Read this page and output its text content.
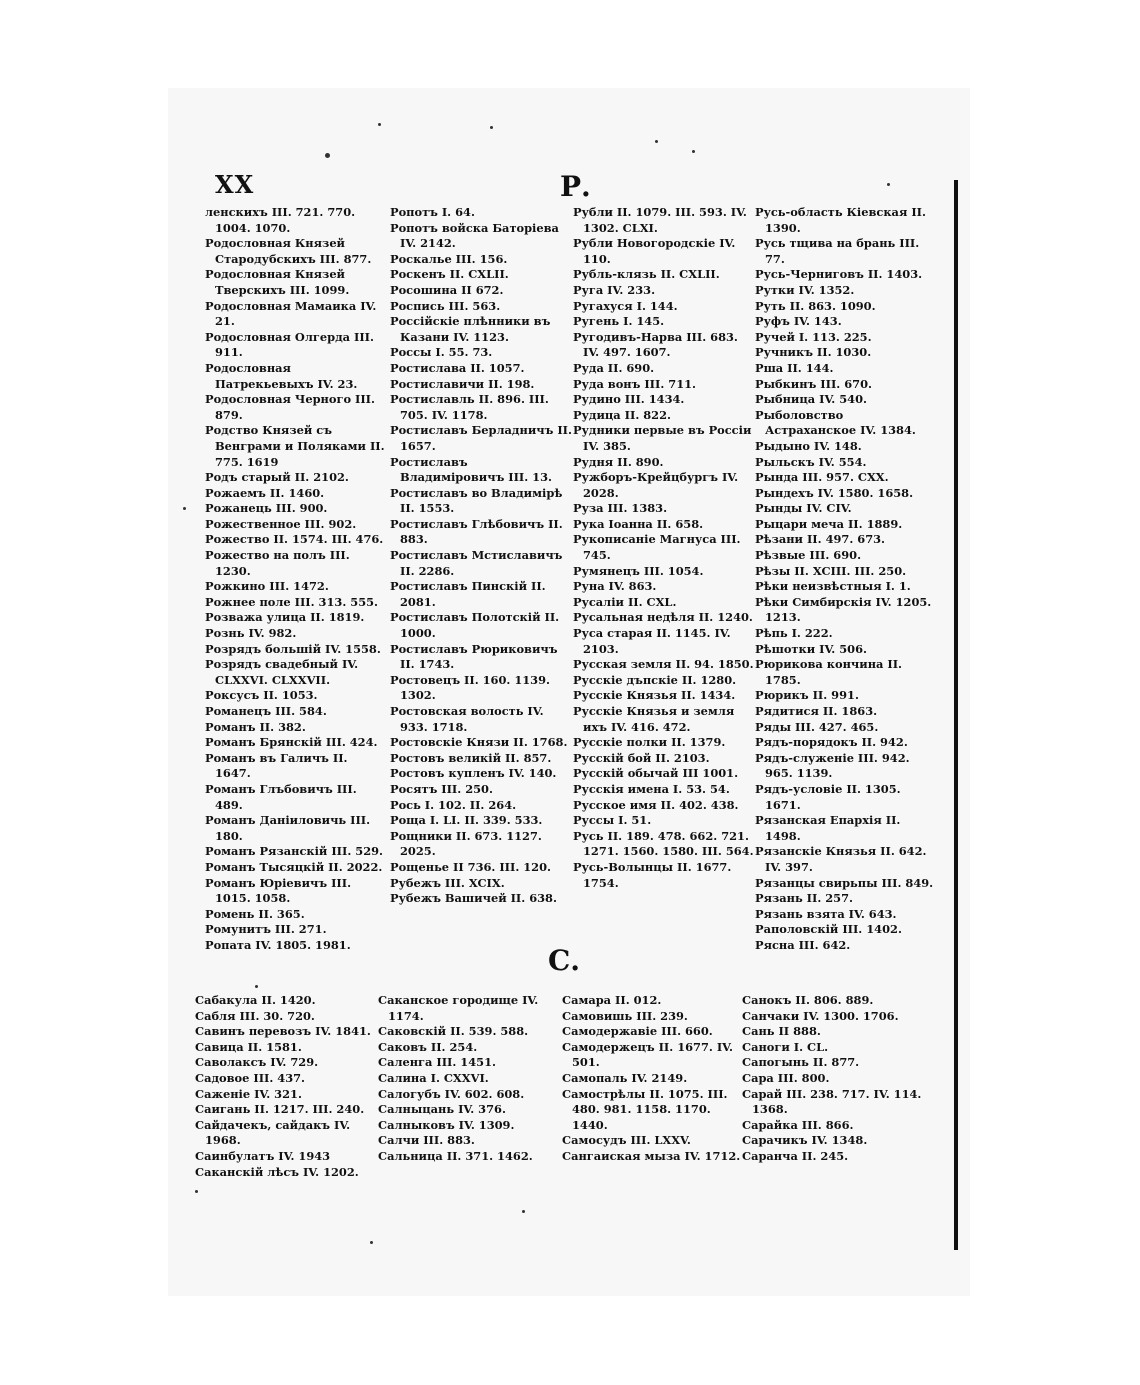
XX	Р.

ленскихъ III. 721. 770. 1004. 1070.

Родословная Князей Стародубскихъ III. 877.

Родословная Князей Тверскихъ III. 1099.

Родословная Мамаика IV. 21.

Родословная Олгерда III. 911.

Родословная Патрекьевыхъ IV. 23.

Родословная Черного III. 879.

Родство Князей съ Венграми и Поляками II. 775. 1619

Родъ старый II. 2102.

Рожаемъ II. 1460.

Рожанець III. 900.

Рожественное III. 902.

Рожество II. 1574. III. 476.

Рожество на полъ III. 1230.

Рожкино III. 1472.

Рожнее поле III. 313. 555.

Розважа улица II. 1819.

Рознь IV. 982.

Розрядъ большiй IV. 1558.

Розрядъ свадебный IV. CLXXVI. CLXXVII.

Роксусъ II. 1053.

Романецъ III. 584.

Романъ II. 382.

Романъ Брянскiй III. 424.

Романъ въ Галичъ II. 1647.

Романъ Глъбовичъ III. 489.

Романъ Данiиловичь III. 180.

Романъ Рязанскiй III. 529.

Романъ Тысяцкiй II. 2022.

Романъ Юрiевичъ III. 1015. 1058.

Ромень II. 365.

Ромунитъ III. 271.

Ропата IV. 1805. 1981.

Ропотъ I. 64.

Ропотъ войска Баторiева IV. 2142.

Роскалье III. 156.

Роскенъ II. CXLII.

Росошина II 672.

Роспись III. 563.

Россiйскiе плѣнники въ Казани IV. 1123.

Россы I. 55. 73.

Ростислава II. 1057.

Ростиславичи II. 198.

Ростиславль II. 896. III. 705. IV. 1178.

Ростиславъ Берладничъ II. 1657.

Ростиславъ Владимiровичъ III. 13.

Ростиславъ во Владимiрѣ II. 1553.

Ростиславъ Глѣбовичъ II. 883.

Ростиславъ Мстиславичъ II. 2286.

Ростиславъ Пинскiй II. 2081.

Ростиславъ Полотскiй II. 1000.

Ростиславъ Рюриковичъ II. 1743.

Ростовецъ II. 160. 1139. 1302.

Ростовская волость IV. 933. 1718.

Ростовскiе Князи II. 1768.

Ростовъ великiй II. 857.

Ростовъ купленъ IV. 140.

Росятъ III. 250.

Рось I. 102. II. 264.

Роща I. LI. II. 339. 533.

Рощники II. 673. 1127. 2025.

Рощенье II 736. III. 120.

Рубежъ III. XCIX.

Рубежъ Вашичей II. 638.

Рубли II. 1079. III. 593. IV. 1302. CLXI.

Рубли Новогородскiе IV. 110.

Рубль-клязь II. CXLII.

Руга IV. 233.

Ругахуся I. 144.

Ругень I. 145.

Ругодивъ-Нарва III. 683. IV. 497. 1607.

Руда II. 690.

Руда вонъ III. 711.

Рудино III. 1434.

Рудица II. 822.

Рудники первые въ Россiи IV. 385.

Рудня II. 890.

Ружборъ-Крейцбургъ IV. 2028.

Руза III. 1383.

Рука Iоанна II. 658.

Рукописанiе Магнуса III. 745.

Румянецъ III. 1054.

Руна IV. 863.

Русалiи II. CXL.

Русальная недѣля II. 1240.

Руса старая II. 1145. IV. 2103.

Русская земля II. 94. 1850.

Русскiе дъпскiе II. 1280.

Русскiе Князья II. 1434.

Русскiе Князья и земля ихъ IV. 416. 472.

Русскiе полки II. 1379.

Русскiй бой II. 2103.

Русскiй обычай III 1001.

Русскiя имена I. 53. 54.

Русское имя II. 402. 438.

Руссы I. 51.

Русь II. 189. 478. 662. 721. 1271. 1560. 1580. III. 564.

Русь-Волынцы II. 1677. 1754.

Русь-область Кiевская II. 1390.

Русь тщива на брань III. 77.

Русь-Черниговъ II. 1403.

Рутки IV. 1352.

Руть II. 863. 1090.

Руфъ IV. 143.

Ручей I. 113. 225.

Ручникъ II. 1030.

Рша II. 144.

Рыбкинъ III. 670.

Рыбница IV. 540.

Рыболовство Астраханское IV. 1384.

Рыдыно IV. 148.

Рыльскъ IV. 554.

Рында III. 957. CXX.

Рындехъ IV. 1580. 1658.

Рынды IV. CIV.

Рыцари меча II. 1889.

Рѣзани II. 497. 673.

Рѣзвые III. 690.

Рѣзы II. XCIII. III. 250.

Рѣки неизвѣстныя I. 1.

Рѣки Симбирскiя IV. 1205. 1213.

Рѣпь I. 222.

Рѣшотки IV. 506.

Рюрикова кончина II. 1785.

Рюрикъ II. 991.

Рядитися II. 1863.

Ряды III. 427. 465.

Рядъ-порядокъ II. 942.

Рядъ-служенiе III. 942. 965. 1139.

Рядъ-условiе II. 1305. 1671.

Рязанская Епархiя II. 1498.

Рязанскiе Князья II. 642. IV. 397.

Рязанцы свирьпы III. 849.

Рязань II. 257.

Рязань взята IV. 643.

Раполовскiй III. 1402.

Ряснa III. 642.

С.

Сабакула II. 1420.

Сабля III. 30. 720.

Савинъ перевозъ IV. 1841.

Савица II. 1581.

Саволаксъ IV. 729.

Садовое III. 437.

Саженiе IV. 321.

Саигань II. 1217. III. 240.

Сайдачекъ, сайдакъ IV. 1968.

Саинбулатъ IV. 1943

Саканскiй лѣсъ IV. 1202.

Саканское городище IV. 1174.

Саковскiй II. 539. 588.

Саковъ II. 254.

Саленга III. 1451.

Салина I. CXXVI.

Салогубъ IV. 602. 608.

Салныцань IV. 376.

Салныковъ IV. 1309.

Салчи III. 883.

Сальница II. 371. 1462.

Самара II. 012.

Самовишь III. 239.

Самодержавiе III. 660.

Самодержецъ II. 1677. IV. 501.

Самопаль IV. 2149.

Самострѣлы II. 1075. III. 480. 981. 1158. 1170. 1440.

Самосудъ III. LXXV.

Сангаиская мыза IV. 1712.

Санокъ II. 806. 889.

Санчаки IV. 1300. 1706.

Сань II 888.

Саноги I. CL.

Сапогынь II. 877.

Сара III. 800.

Сарай III. 238. 717. IV. 114. 1368.

Сарайка III. 866.

Сарачикъ IV. 1348.

Саранча II. 245.
